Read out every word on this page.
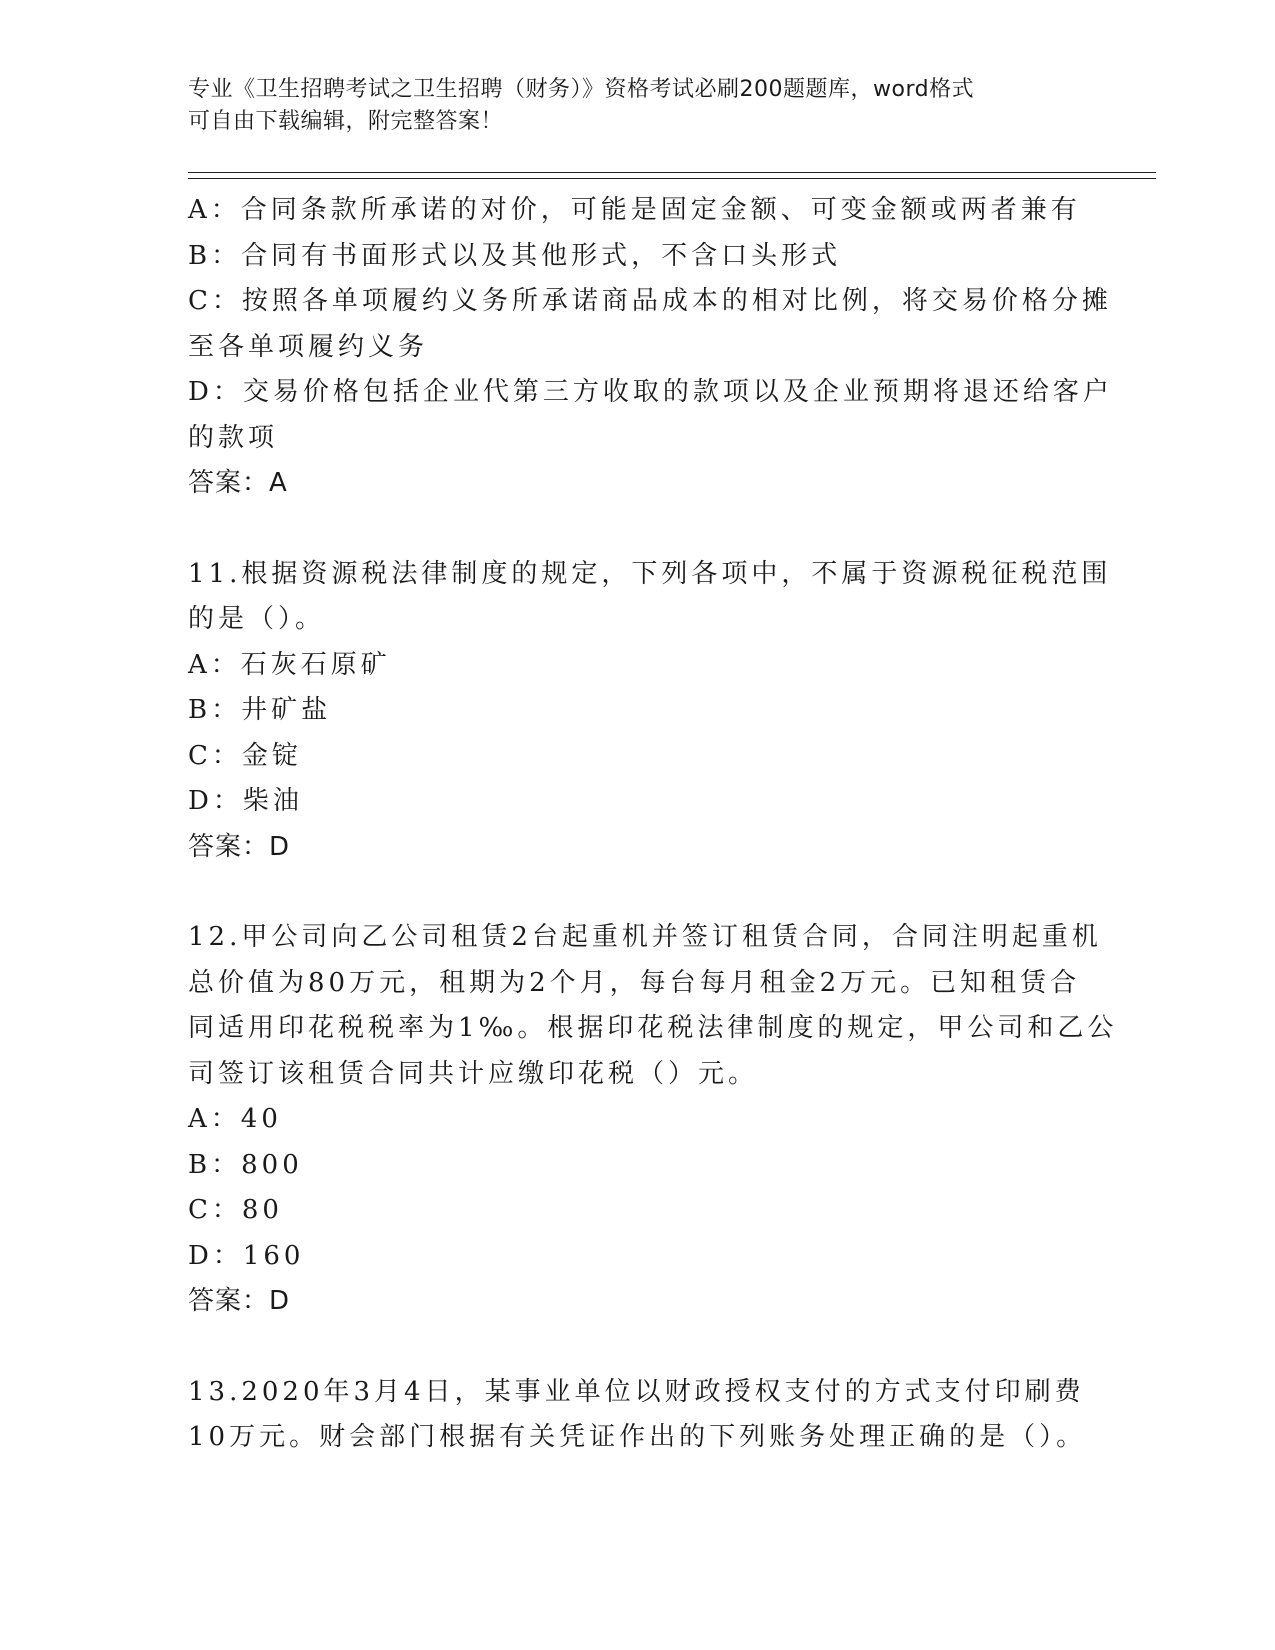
专业《卫生招聘考试之卫生招聘（财务）》资格考试必刷200题题库，word格式
可自由下载编辑，附完整答案！
A：合同条款所承诺的对价，可能是固定金额、可变金额或两者兼有
B：合同有书面形式以及其他形式，不含口头形式
C：按照各单项履约义务所承诺商品成本的相对比例，将交易价格分摊
至各单项履约义务
D：交易价格包括企业代第三方收取的款项以及企业预期将退还给客户
的款项
答案：A
11.根据资源税法律制度的规定，下列各项中，不属于资源税征税范围
的是（）。
A：石灰石原矿
B：井矿盐
C：金锭
D：柴油
答案：D
12.甲公司向乙公司租赁2台起重机并签订租赁合同，合同注明起重机
总价值为80万元，租期为2个月，每台每月租金2万元。已知租赁合
同适用印花税税率为1‰。根据印花税法律制度的规定，甲公司和乙公
司签订该租赁合同共计应缴印花税（）元。
A：40
B：800
C：80
D：160
答案：D
13.2020年3月4日，某事业单位以财政授权支付的方式支付印刷费
10万元。财会部门根据有关凭证作出的下列账务处理正确的是（）。
